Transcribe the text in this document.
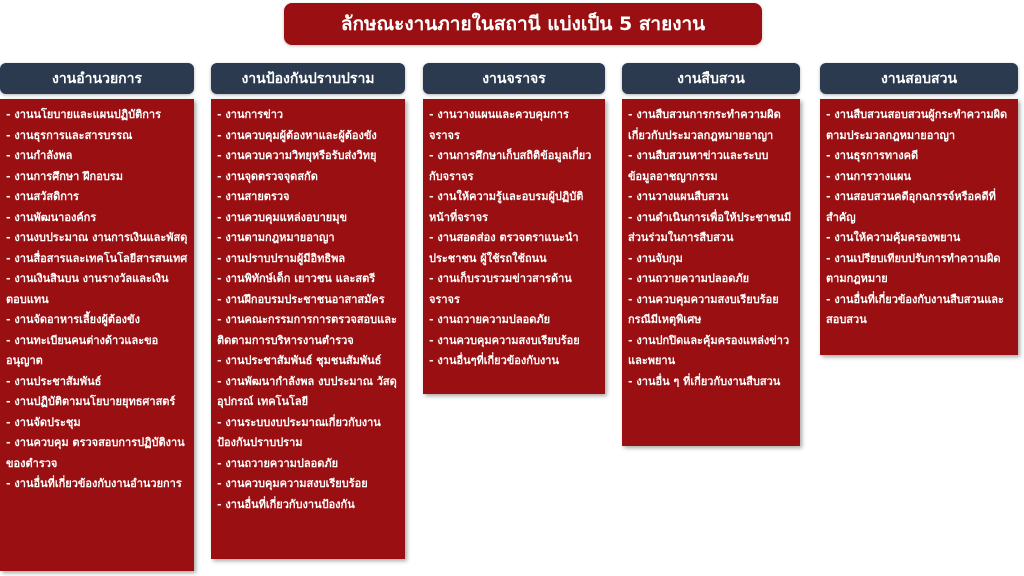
ลักษณะงานภายในสถานี แบ่งเป็น 5 สายงาน
งานอำนวยการ
- งานนโยบายและแผนปฏิบัติการ
- งานธุรการและสารบรรณ
- งานกำลังพล
- งานการศึกษา ฝึกอบรม
- งานสวัสดิการ
- งานพัฒนาองค์กร
- งานงบประมาณ งานการเงินและพัสดุ
- งานสื่อสารและเทคโนโลยีสารสนเทศ
- งานเงินสินบน งานรางวัลและเงินตอบแทน
- งานจัดอาหารเลี้ยงผู้ต้องขัง
- งานทะเบียนคนต่างด้าวและขออนุญาต
- งานประชาสัมพันธ์
- งานปฏิบัติตามนโยบายยุทธศาสตร์
- งานจัดประชุม
- งานควบคุม ตรวจสอบการปฏิบัติงานของตำรวจ
- งานอื่นที่เกี่ยวข้องกับงานอำนวยการ
งานป้องกันปราบปราม
- งานการข่าว
- งานควบคุมผู้ต้องหาและผู้ต้องขัง
- งานควบความวิทยุหรือรับส่งวิทยุ
- งานจุดตรวจจุดสกัด
- งานสายตรวจ
- งานควบคุมแหล่งอบายมุข
- งานตามกฎหมายอาญา
- งานปราบปรามผู้มีอิทธิพล
- งานพิทักษ์เด็ก เยาวชน และสตรี
- งานฝึกอบรมประชาชนอาสาสมัคร
- งานคณะกรรมการการตรวจสอบและติดตามการบริหารงานตำรวจ
- งานประชาสัมพันธ์ ชุมชนสัมพันธ์
- งานพัฒนากำลังพล งบประมาณ วัสดุ อุปกรณ์ เทคโนโลยี
- งานระบบงบประมาณเกี่ยวกับงานป้องกันปราบปราม
- งานถวายความปลอดภัย
- งานควบคุมความสงบเรียบร้อย
- งานอื่นที่เกี่ยวกับงานป้องกัน
งานจราจร
- งานวางแผนและควบคุมการจราจร
- งานการศึกษาเก็บสถิติข้อมูลเกี่ยวกับจราจร
- งานให้ความรู้และอบรมผู้ปฏิบัติหน้าที่จราจร
- งานสอดส่อง ตรวจตราแนะนำประชาชน ผู้ใช้รถใช้ถนน
- งานเก็บรวบรวมข่าวสารด้านจราจร
- งานถวายความปลอดภัย
- งานควบคุมความสงบเรียบร้อย
- งานอื่นๆที่เกี่ยวข้องกับงาน
งานสืบสวน
- งานสืบสวนการกระทำความผิดเกี่ยวกับประมวลกฎหมายอาญา
- งานสืบสวนหาข่าวและระบบข้อมูลอาชญากรรม
- งานวางแผนสืบสวน
- งานดำเนินการเพื่อให้ประชาชนมีส่วนร่วมในการสืบสวน
- งานจับกุม
- งานถวายความปลอดภัย
- งานควบคุมความสงบเรียบร้อยกรณีมีเหตุพิเศษ
- งานปกปิดและคุ้มครองแหล่งข่าวและพยาน
- งานอื่น ๆ ที่เกี่ยวกับงานสืบสวน
งานสอบสวน
- งานสืบสวนสอบสวนผู้กระทำความผิดตามประมวลกฎหมายอาญา
- งานธุรการทางคดี
- งานการวางแผน
- งานสอบสวนคดีอุกฉกรรจ์หรือคดีที่สำคัญ
- งานให้ความคุ้มครองพยาน
- งานเปรียบเทียบปรับการทำความผิดตามกฎหมาย
- งานอื่นที่เกี่ยวข้องกับงานสืบสวนและสอบสวน
